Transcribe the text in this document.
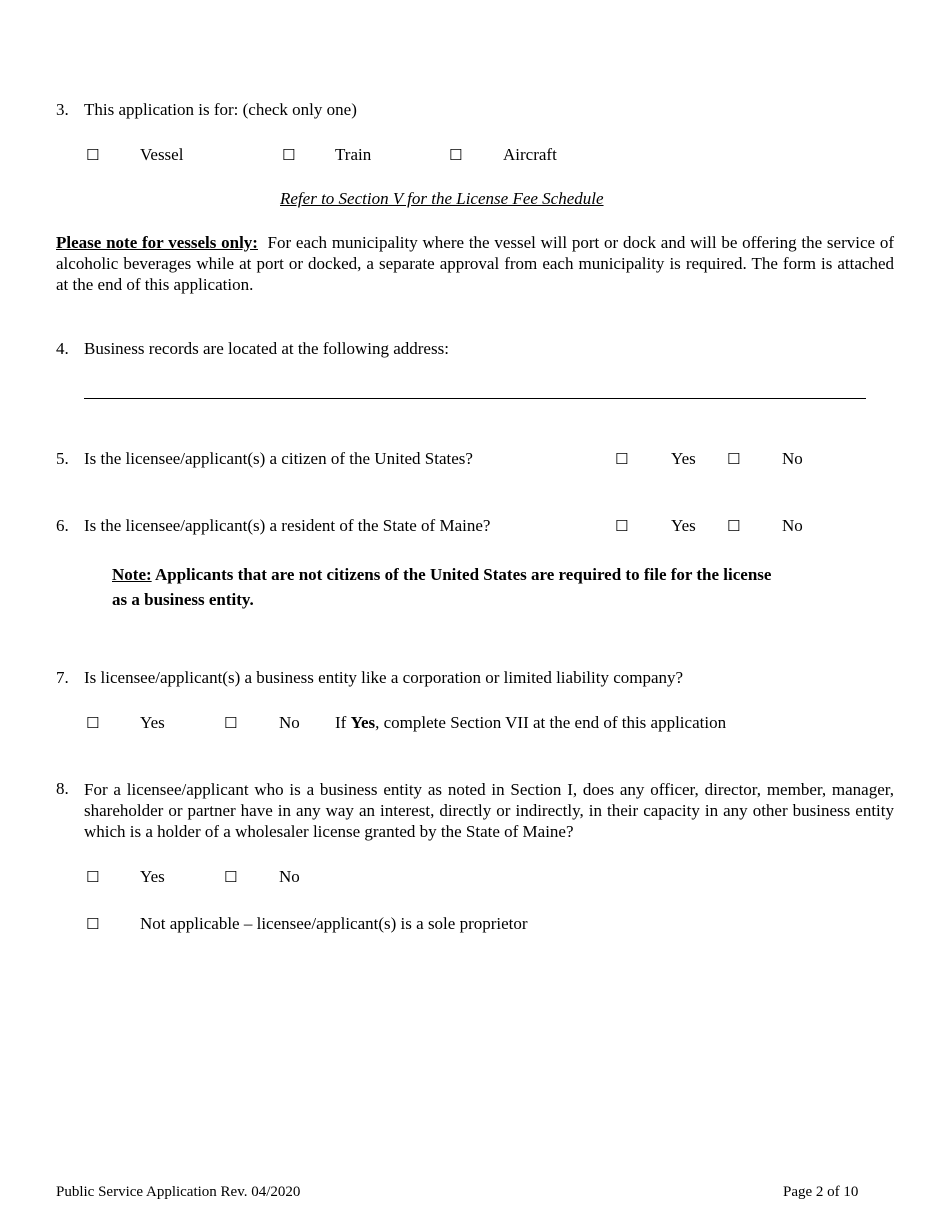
3. This application is for: (check only one)
☐ Vessel	☐ Train	☐ Aircraft
Refer to Section V for the License Fee Schedule
Please note for vessels only: For each municipality where the vessel will port or dock and will be offering the service of alcoholic beverages while at port or docked, a separate approval from each municipality is required. The form is attached at the end of this application.
4. Business records are located at the following address:
5. Is the licensee/applicant(s) a citizen of the United States?	☐	Yes ☐ No
6. Is the licensee/applicant(s) a resident of the State of Maine?	☐	Yes ☐ No
Note: Applicants that are not citizens of the United States are required to file for the license
as a business entity.
7. Is licensee/applicant(s) a business entity like a corporation or limited liability company?
☐ Yes	☐ No If Yes, complete Section VII at the end of this application
8. For a licensee/applicant who is a business entity as noted in Section I, does any officer, director, member, manager, shareholder or partner have in any way an interest, directly or indirectly, in their capacity in any other business entity which is a holder of a wholesaler license granted by the State of Maine?
☐ Yes	☐ No
☐ Not applicable – licensee/applicant(s) is a sole proprietor
Public Service Application Rev. 04/2020	Page 2 of 10
